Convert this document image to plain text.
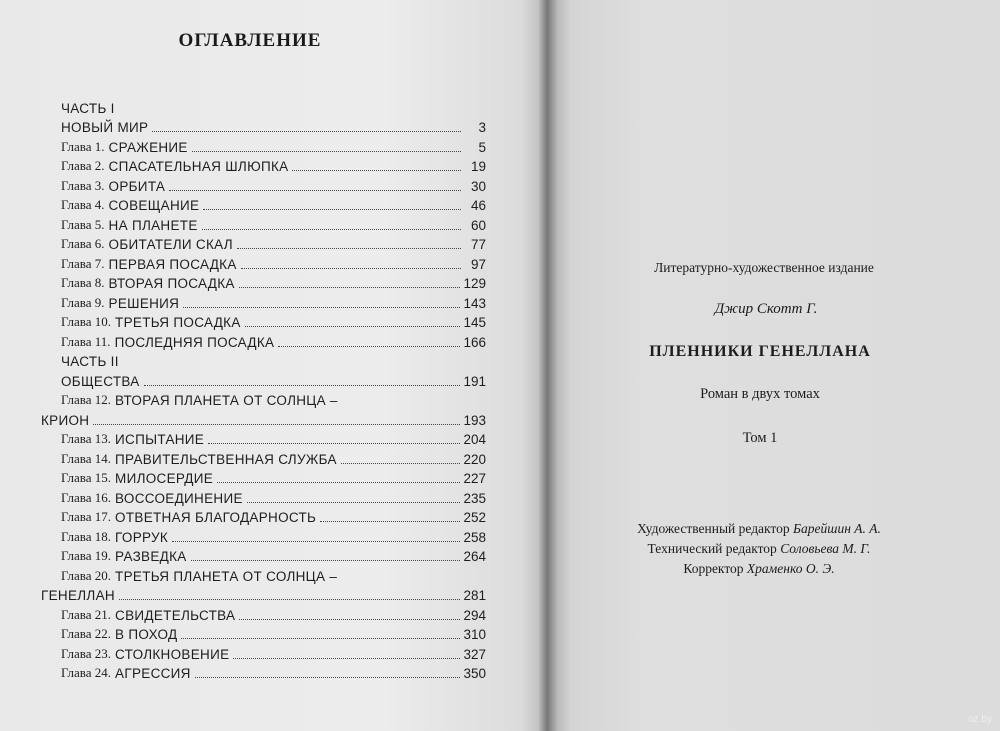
ОГЛАВЛЕНИЕ
ЧАСТЬ I
НОВЫЙ МИР	3
Глава 1. СРАЖЕНИЕ	5
Глава 2. СПАСАТЕЛЬНАЯ ШЛЮПКА	19
Глава 3. ОРБИТА	30
Глава 4. СОВЕЩАНИЕ	46
Глава 5. НА ПЛАНЕТЕ	60
Глава 6. ОБИТАТЕЛИ СКАЛ	77
Глава 7. ПЕРВАЯ ПОСАДКА	97
Глава 8. ВТОРАЯ ПОСАДКА	129
Глава 9. РЕШЕНИЯ	143
Глава 10. ТРЕТЬЯ ПОСАДКА	145
Глава 11. ПОСЛЕДНЯЯ ПОСАДКА	166
ЧАСТЬ II
ОБЩЕСТВА	191
Глава 12. ВТОРАЯ ПЛАНЕТА ОТ СОЛНЦА –
КРИОН	193
Глава 13. ИСПЫТАНИЕ	204
Глава 14. ПРАВИТЕЛЬСТВЕННАЯ СЛУЖБА	220
Глава 15. МИЛОСЕРДИЕ	227
Глава 16. ВОССОЕДИНЕНИЕ	235
Глава 17. ОТВЕТНАЯ БЛАГОДАРНОСТЬ	252
Глава 18. ГОРРУК	258
Глава 19. РАЗВЕДКА	264
Глава 20. ТРЕТЬЯ ПЛАНЕТА ОТ СОЛНЦА –
ГЕНЕЛЛАН	281
Глава 21. СВИДЕТЕЛЬСТВА	294
Глава 22. В ПОХОД	310
Глава 23. СТОЛКНОВЕНИЕ	327
Глава 24. АГРЕССИЯ	350

Литературно-художественное издание
Джир Скотт Г.
ПЛЕННИКИ ГЕНЕЛЛАНА
Роман в двух томах
Том 1
Художественный редактор Барейшин А. А.
Технический редактор Соловьева М. Г.
Корректор Храменко О. Э.
oz.by
